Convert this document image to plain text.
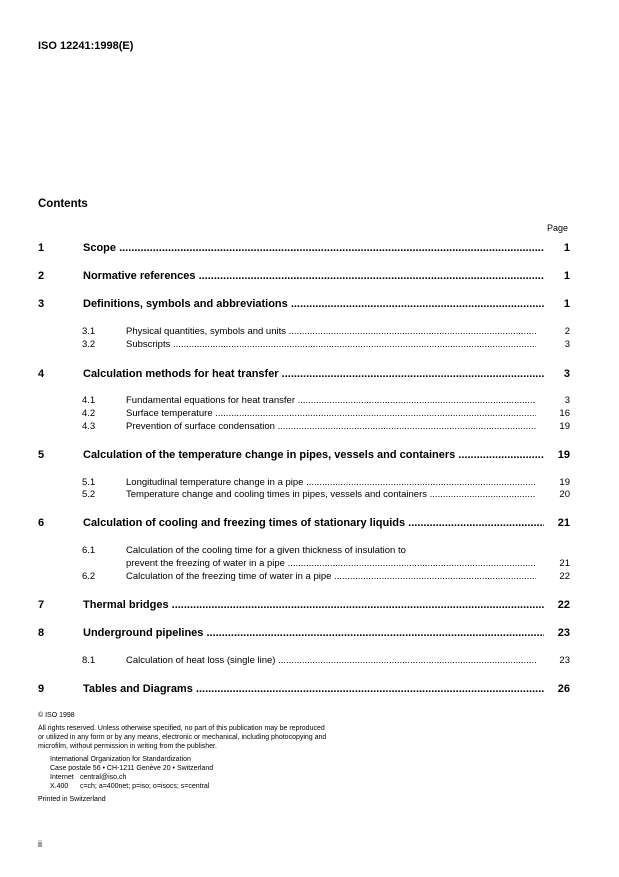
ISO 12241:1998(E)
Contents
Page
1	Scope .....	1
2	Normative references .....	1
3	Definitions, symbols and abbreviations .....	1
3.1	Physical quantities, symbols and units .....	2
3.2	Subscripts .....	3
4	Calculation methods for heat transfer .....	3
4.1	Fundamental equations for heat transfer .....	3
4.2	Surface temperature .....	16
4.3	Prevention of surface condensation .....	19
5	Calculation of the temperature change in pipes, vessels and containers .....	19
5.1	Longitudinal temperature change in a pipe .....	19
5.2	Temperature change and cooling times in pipes, vessels and containers .....	20
6	Calculation of cooling and freezing times of stationary liquids .....	21
6.1	Calculation of the cooling time for a given thickness of insulation to
prevent the freezing of water in a pipe .....	21
6.2	Calculation of the freezing time of water in a pipe .....	22
7	Thermal bridges .....	22
8	Underground pipelines .....	23
8.1	Calculation of heat loss (single line) .....	23
9	Tables and Diagrams .....	26
© ISO 1998
All rights reserved. Unless otherwise specified, no part of this publication may be reproduced
or utilized in any form or by any means, electronic or mechanical, including photocopying and
microfilm, without permission in writing from the publisher.
International Organization for Standardization
Case postale 56 • CH-1211 Genève 20 • Switzerland
Internet central@iso.ch
X.400 c=ch; a=400net; p=iso; o=isocs; s=central
Printed in Switzerland
ii
